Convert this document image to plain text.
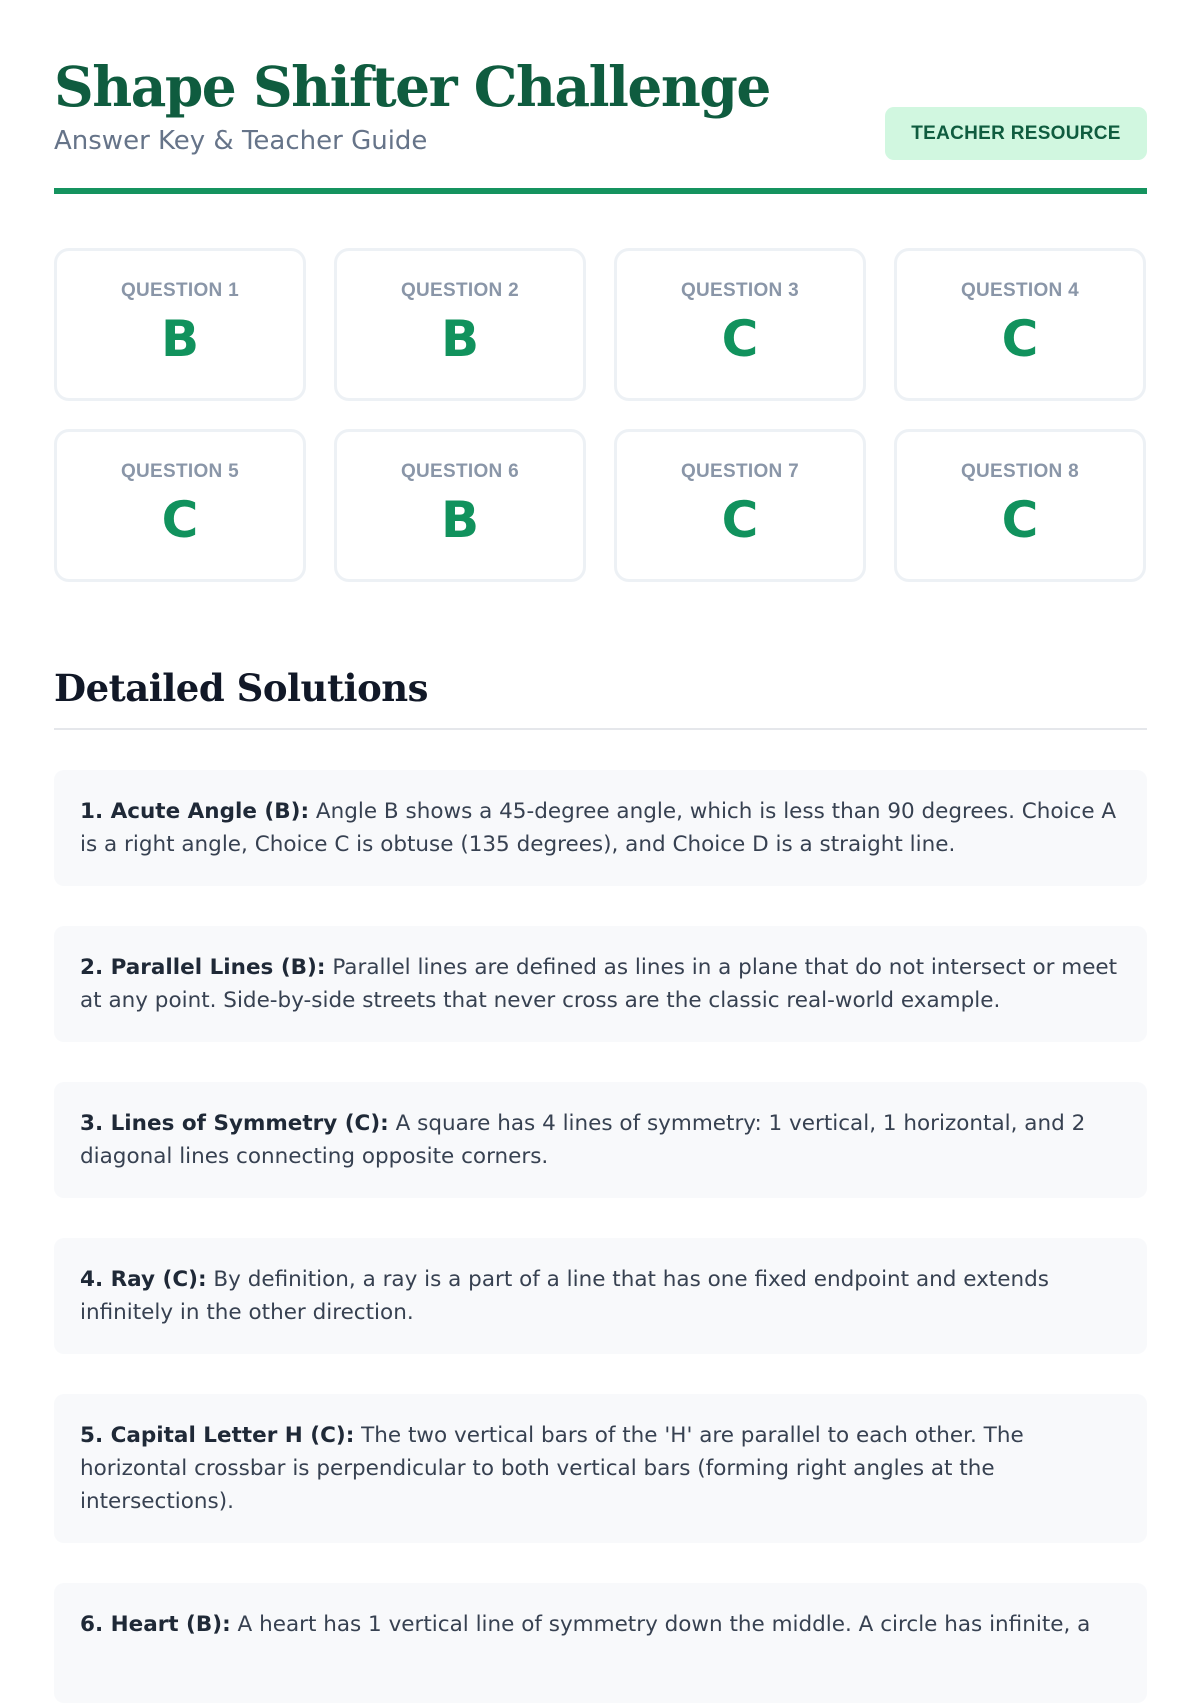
Shape Shifter Challenge
Answer Key & Teacher Guide	TEACHER RESOURCE
QUESTION 1
B
QUESTION 2
B
QUESTION 3
C
QUESTION 4
C
QUESTION 5
C
QUESTION 6
B
QUESTION 7
C
QUESTION 8
C
Detailed Solutions
1. Acute Angle (B): Angle B shows a 45-degree angle, which is less than 90 degrees. Choice A is a right angle, Choice C is obtuse (135 degrees), and Choice D is a straight line.
2. Parallel Lines (B): Parallel lines are defined as lines in a plane that do not intersect or meet at any point. Side-by-side streets that never cross are the classic real-world example.
3. Lines of Symmetry (C): A square has 4 lines of symmetry: 1 vertical, 1 horizontal, and 2 diagonal lines connecting opposite corners.
4. Ray (C): By definition, a ray is a part of a line that has one fixed endpoint and extends infinitely in the other direction.
5. Capital Letter H (C): The two vertical bars of the 'H' are parallel to each other. The horizontal crossbar is perpendicular to both vertical bars (forming right angles at the intersections).
6. Heart (B): A heart has 1 vertical line of symmetry down the middle. A circle has infinite, a
